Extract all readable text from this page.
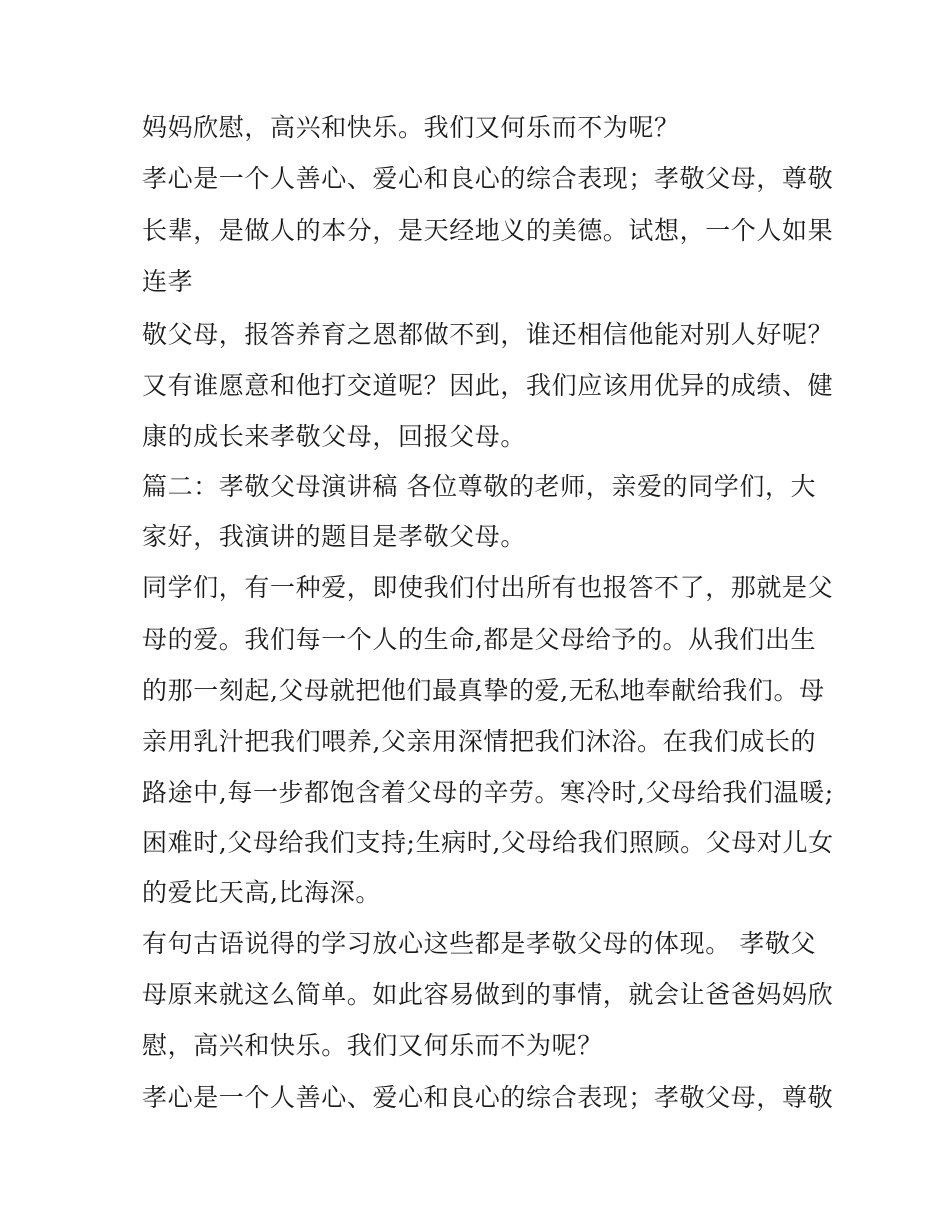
妈妈欣慰，高兴和快乐。我们又何乐而不为呢？
孝心是一个人善心、爱心和良心的综合表现；孝敬父母，尊敬
长辈，是做人的本分，是天经地义的美德。试想，一个人如果
连孝
敬父母，报答养育之恩都做不到，谁还相信他能对别人好呢？
又有谁愿意和他打交道呢？因此，我们应该用优异的成绩、健
康的成长来孝敬父母，回报父母。
篇二：孝敬父母演讲稿 各位尊敬的老师，亲爱的同学们，大
家好，我演讲的题目是孝敬父母。
同学们，有一种爱，即使我们付出所有也报答不了，那就是父
母的爱。我们每一个人的生命,都是父母给予的。从我们出生
的那一刻起,父母就把他们最真挚的爱,无私地奉献给我们。母
亲用乳汁把我们喂养,父亲用深情把我们沐浴。在我们成长的
路途中,每一步都饱含着父母的辛劳。寒冷时,父母给我们温暖;
困难时,父母给我们支持;生病时,父母给我们照顾。父母对儿女
的爱比天高,比海深。
有句古语说得的学习放心这些都是孝敬父母的体现。 孝敬父
母原来就这么简单。如此容易做到的事情，就会让爸爸妈妈欣
慰，高兴和快乐。我们又何乐而不为呢？
孝心是一个人善心、爱心和良心的综合表现；孝敬父母，尊敬
